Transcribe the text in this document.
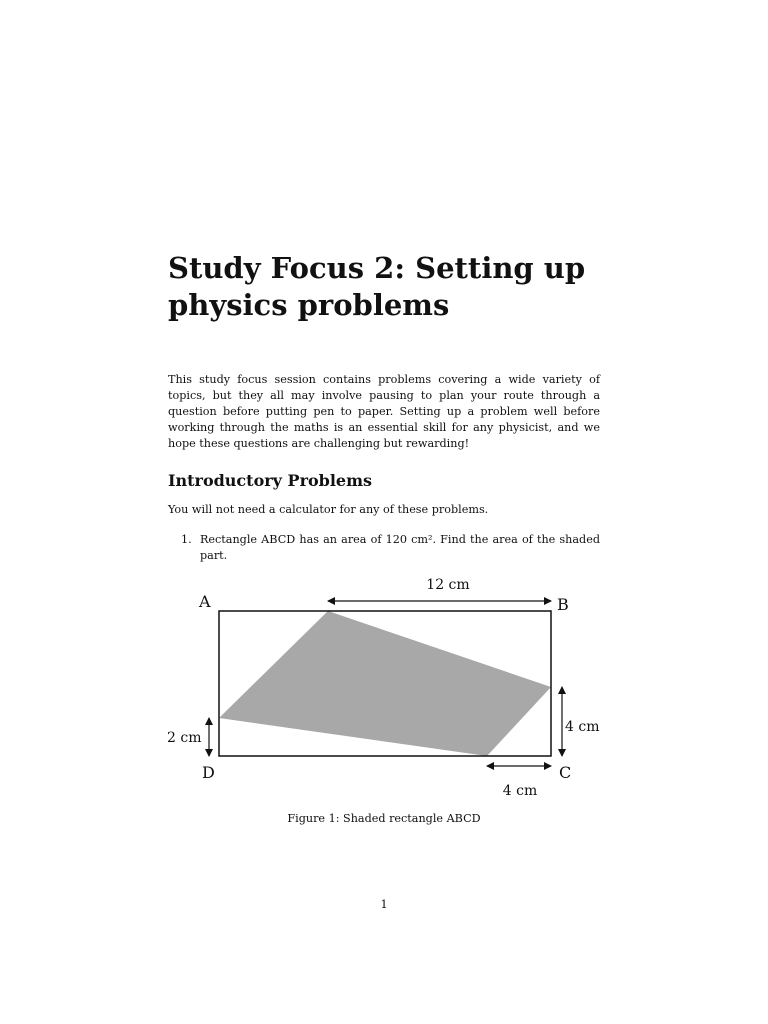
Study Focus 2: Setting up physics problems

This study focus session contains problems covering a wide variety of topics, but they all may involve pausing to plan your route through a question before putting pen to paper. Setting up a problem well before working through the maths is an essential skill for any physicist, and we hope these questions are challenging but rewarding!

Introductory Problems

You will not need a calculator for any of these problems.

1. Rectangle ABCD has an area of 120 cm². Find the area of the shaded part.
A	B
C
D
12 cm
4 cm
2 cm
4 cm

Figure 1: Shaded rectangle ABCD

1
